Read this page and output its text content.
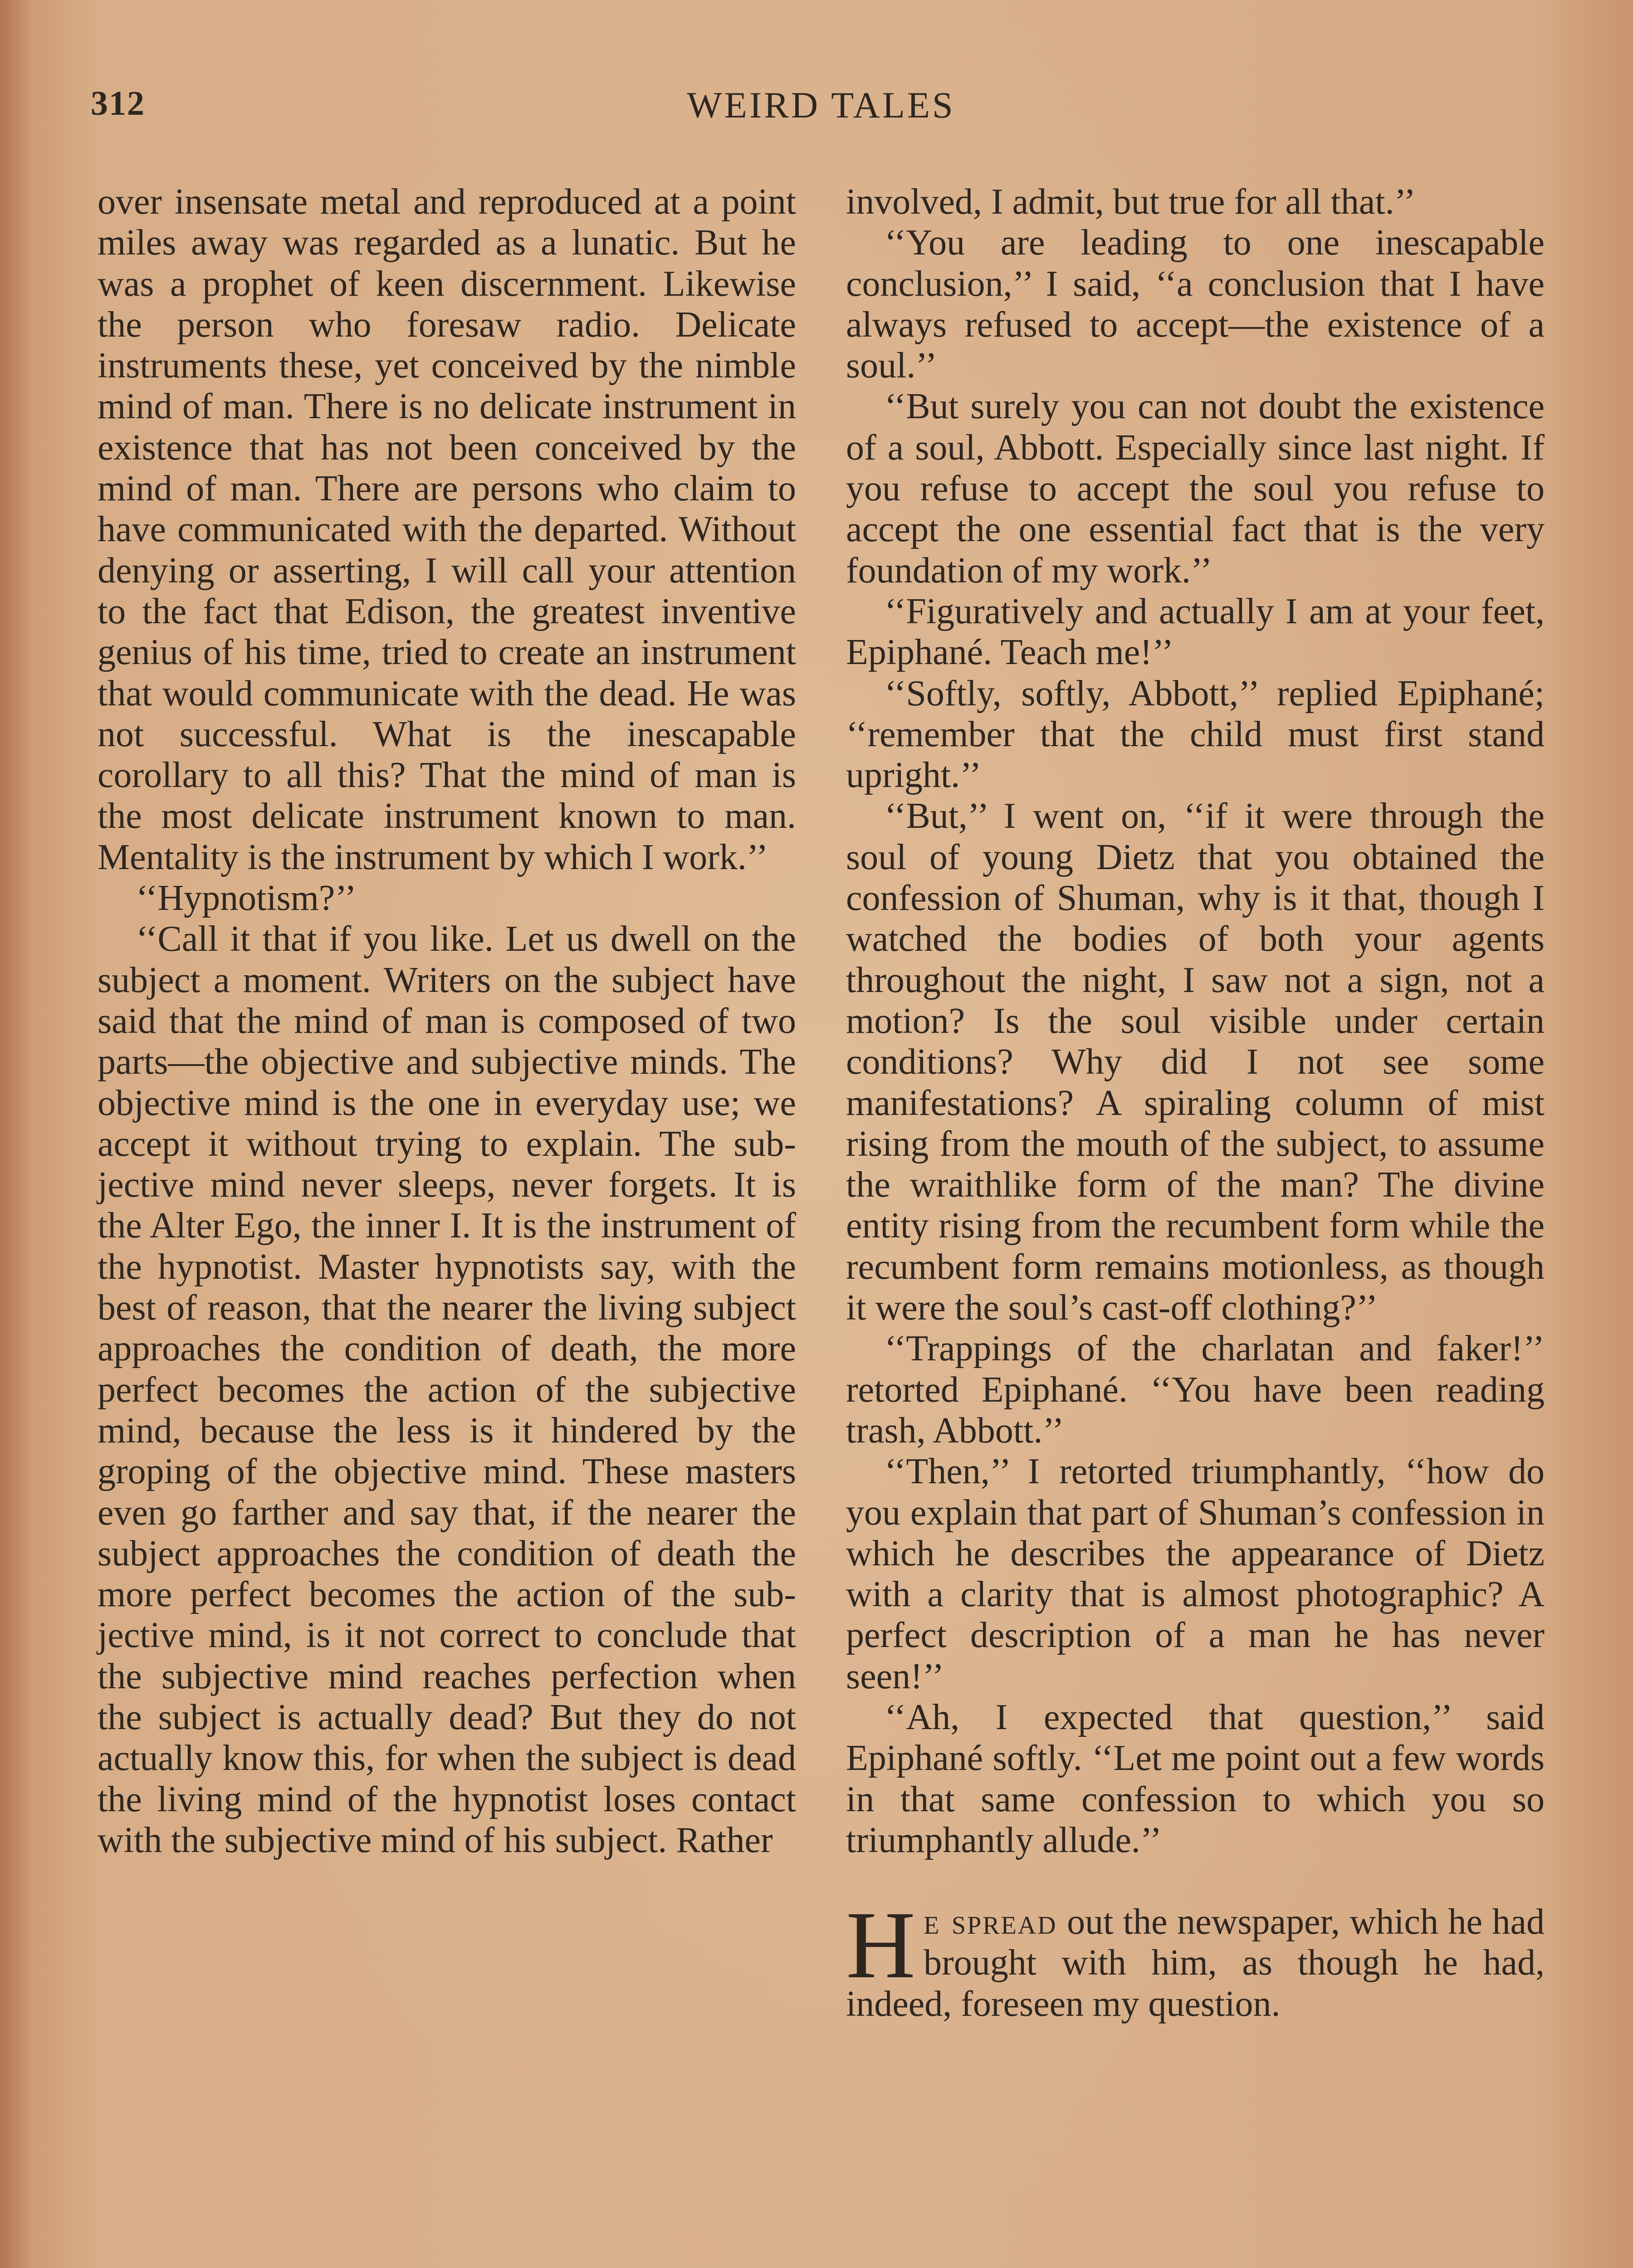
312	WEIRD TALES

over insensate metal and reproduced at a point miles away was regarded as a lunatic. But he was a prophet of keen discernment. Likewise the person who foresaw radio. Delicate instruments these, yet conceived by the nimble mind of man. There is no delicate instrument in existence that has not been conceived by the mind of man. There are persons who claim to have communicated with the departed. Without denying or asserting, I will call your attention to the fact that Edison, the greatest inventive genius of his time, tried to create an instrument that would communicate with the dead. He was not successful. What is the inescapable corollary to all this? That the mind of man is the most delicate instrument known to man. Mentality is the instrument by which I work.’’

‘‘Hypnotism?’’

‘‘Call it that if you like. Let us dwell on the subject a moment. Writers on the subject have said that the mind of man is composed of two parts—the objective and subjective minds. The objective mind is the one in everyday use; we accept it without trying to explain. The subjective mind never sleeps, never forgets. It is the Alter Ego, the inner I. It is the instrument of the hypnotist. Master hypnotists say, with the best of reason, that the nearer the living subject approaches the condition of death, the more perfect becomes the action of the subjective mind, because the less is it hindered by the groping of the objective mind. These masters even go farther and say that, if the nearer the subject approaches the condition of death the more perfect becomes the action of the subjective mind, is it not correct to conclude that the subjective mind reaches perfection when the subject is actually dead? But they do not actually know this, for when the subject is dead the living mind of the hypnotist loses contact with the subjective mind of his subject. Rather

involved, I admit, but true for all that.’’

‘‘You are leading to one inescapable conclusion,’’ I said, ‘‘a conclusion that I have always refused to accept—the existence of a soul.’’

‘‘But surely you can not doubt the existence of a soul, Abbott. Especially since last night. If you refuse to accept the soul you refuse to accept the one essential fact that is the very foundation of my work.’’

‘‘Figuratively and actually I am at your feet, Epiphané. Teach me!’’

‘‘Softly, softly, Abbott,’’ replied Epiphané; ‘‘remember that the child must first stand upright.’’

‘‘But,’’ I went on, ‘‘if it were through the soul of young Dietz that you obtained the confession of Shuman, why is it that, though I watched the bodies of both your agents throughout the night, I saw not a sign, not a motion? Is the soul visible under certain conditions? Why did I not see some manifestations? A spiraling column of mist rising from the mouth of the subject, to assume the wraithlike form of the man? The divine entity rising from the recumbent form while the recumbent form remains motionless, as though it were the soul’s cast-off clothing?’’

‘‘Trappings of the charlatan and faker!’’ retorted Epiphané. ‘‘You have been reading trash, Abbott.’’

‘‘Then,’’ I retorted triumphantly, ‘‘how do you explain that part of Shuman’s confession in which he describes the appearance of Dietz with a clarity that is almost photographic? A perfect description of a man he has never seen!’’

‘‘Ah, I expected that question,’’ said Epiphané softly. ‘‘Let me point out a few words in that same confession to which you so triumphantly allude.’’

He spread out the newspaper, which he had brought with him, as though he had, indeed, foreseen my question.
